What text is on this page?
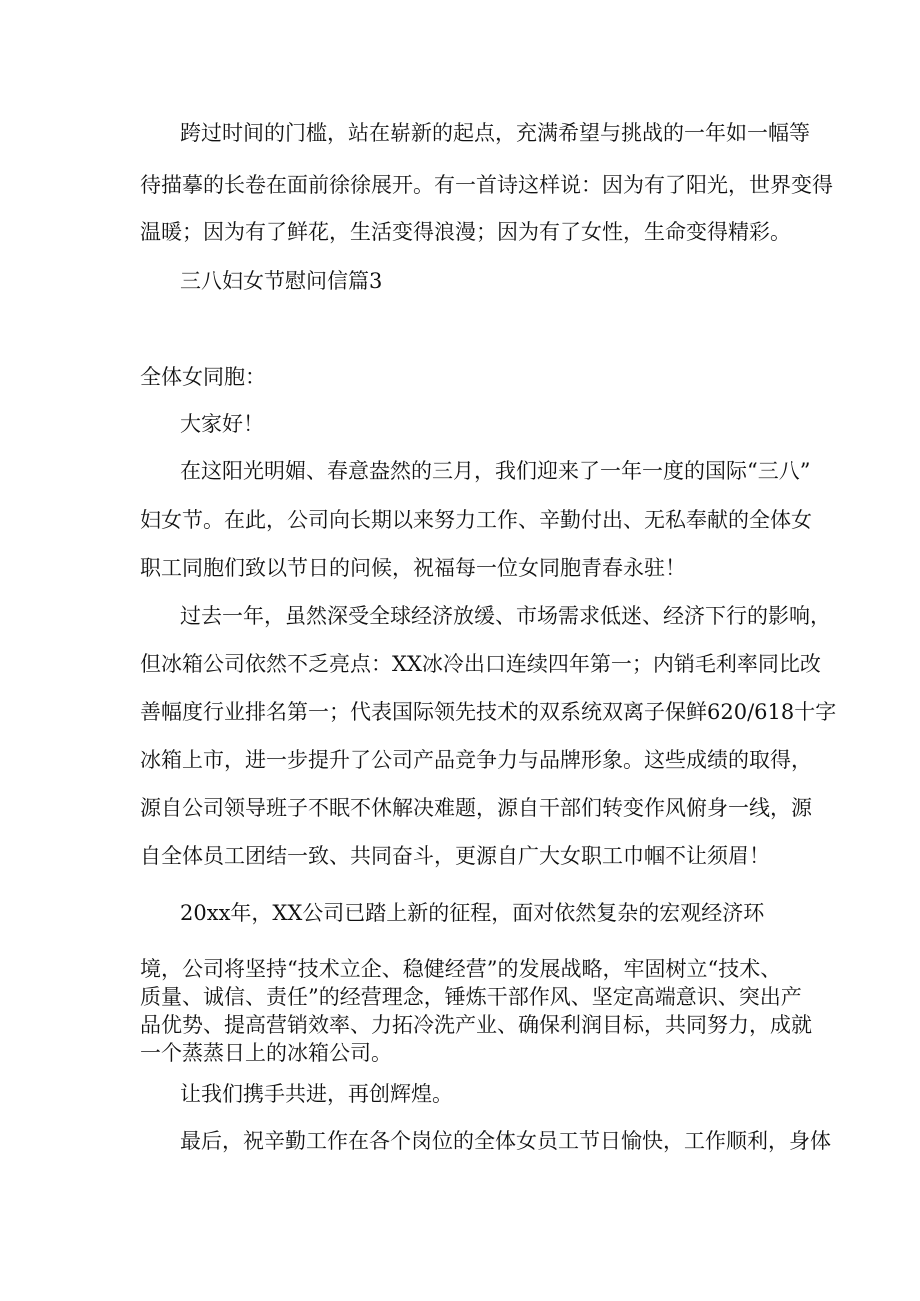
跨过时间的门槛，站在崭新的起点，充满希望与挑战的一年如一幅等

待描摹的长卷在面前徐徐展开。有一首诗这样说：因为有了阳光，世界变得

温暖；因为有了鲜花，生活变得浪漫；因为有了女性，生命变得精彩。

三八妇女节慰问信篇3

全体女同胞：

大家好！

在这阳光明媚、春意盎然的三月，我们迎来了一年一度的国际“三八”

妇女节。在此，公司向长期以来努力工作、辛勤付出、无私奉献的全体女

职工同胞们致以节日的问候，祝福每一位女同胞青春永驻！

过去一年，虽然深受全球经济放缓、市场需求低迷、经济下行的影响，

但冰箱公司依然不乏亮点：XX冰冷出口连续四年第一；内销毛利率同比改

善幅度行业排名第一；代表国际领先技术的双系统双离子保鲜620/618十字

冰箱上市，进一步提升了公司产品竞争力与品牌形象。这些成绩的取得，

源自公司领导班子不眠不休解决难题，源自干部们转变作风俯身一线，源

自全体员工团结一致、共同奋斗，更源自广大女职工巾帼不让须眉！

20xx年，XX公司已踏上新的征程，面对依然复杂的宏观经济环

境，公司将坚持“技术立企、稳健经营”的发展战略，牢固树立“技术、

质量、诚信、责任”的经营理念，锤炼干部作风、坚定高端意识、突出产

品优势、提高营销效率、力拓冷洗产业、确保利润目标，共同努力，成就

一个蒸蒸日上的冰箱公司。

让我们携手共进，再创辉煌。

最后，祝辛勤工作在各个岗位的全体女员工节日愉快，工作顺利，身体
